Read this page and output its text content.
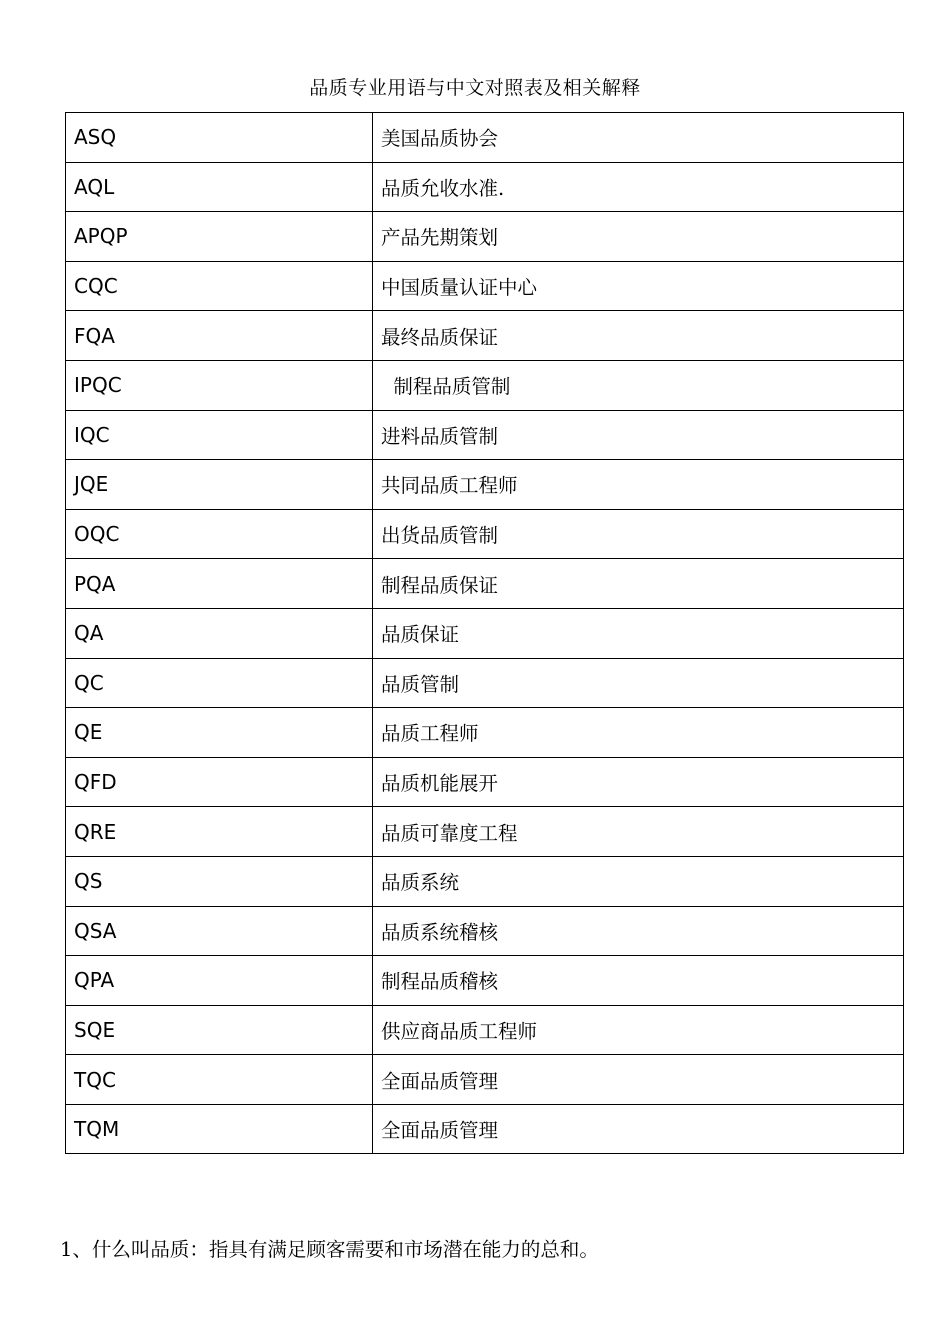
品质专业用语与中文对照表及相关解释
ASQ	美国品质协会
AQL	品质允收水准.
APQP	产品先期策划
CQC	中国质量认证中心
FQA	最终品质保证
IPQC	制程品质管制
IQC	进料品质管制
JQE	共同品质工程师
OQC	出货品质管制
PQA	制程品质保证
QA	品质保证
QC	品质管制
QE	品质工程师
QFD	品质机能展开
QRE	品质可靠度工程
QS	品质系统
QSA	品质系统稽核
QPA	制程品质稽核
SQE	供应商品质工程师
TQC	全面品质管理
TQM	全面品质管理
1、什么叫品质：指具有满足顾客需要和市场潜在能力的总和。
